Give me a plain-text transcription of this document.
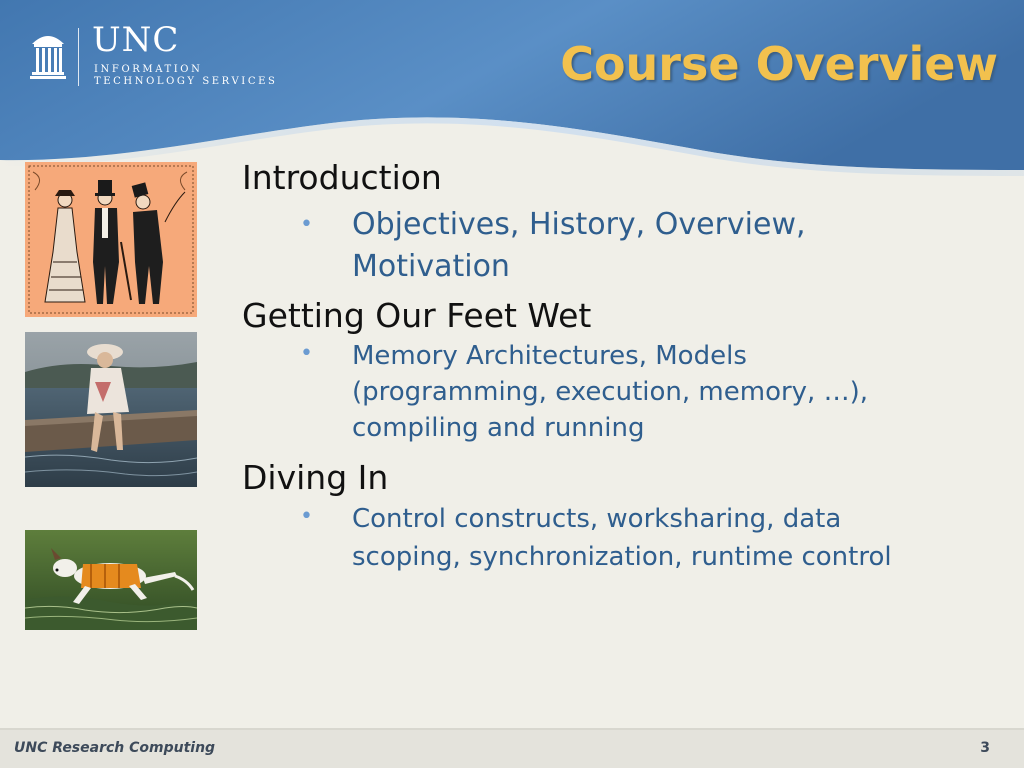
UNC
INFORMATION
TECHNOLOGY SERVICES	Course Overview
Introduction
• Objectives, History, Overview,
Motivation
Getting Our Feet Wet
• Memory Architectures, Models
(programming, execution, memory, …),
compiling and running
Diving In
• Control constructs, worksharing, data
scoping, synchronization, runtime control
UNC Research Computing	3
